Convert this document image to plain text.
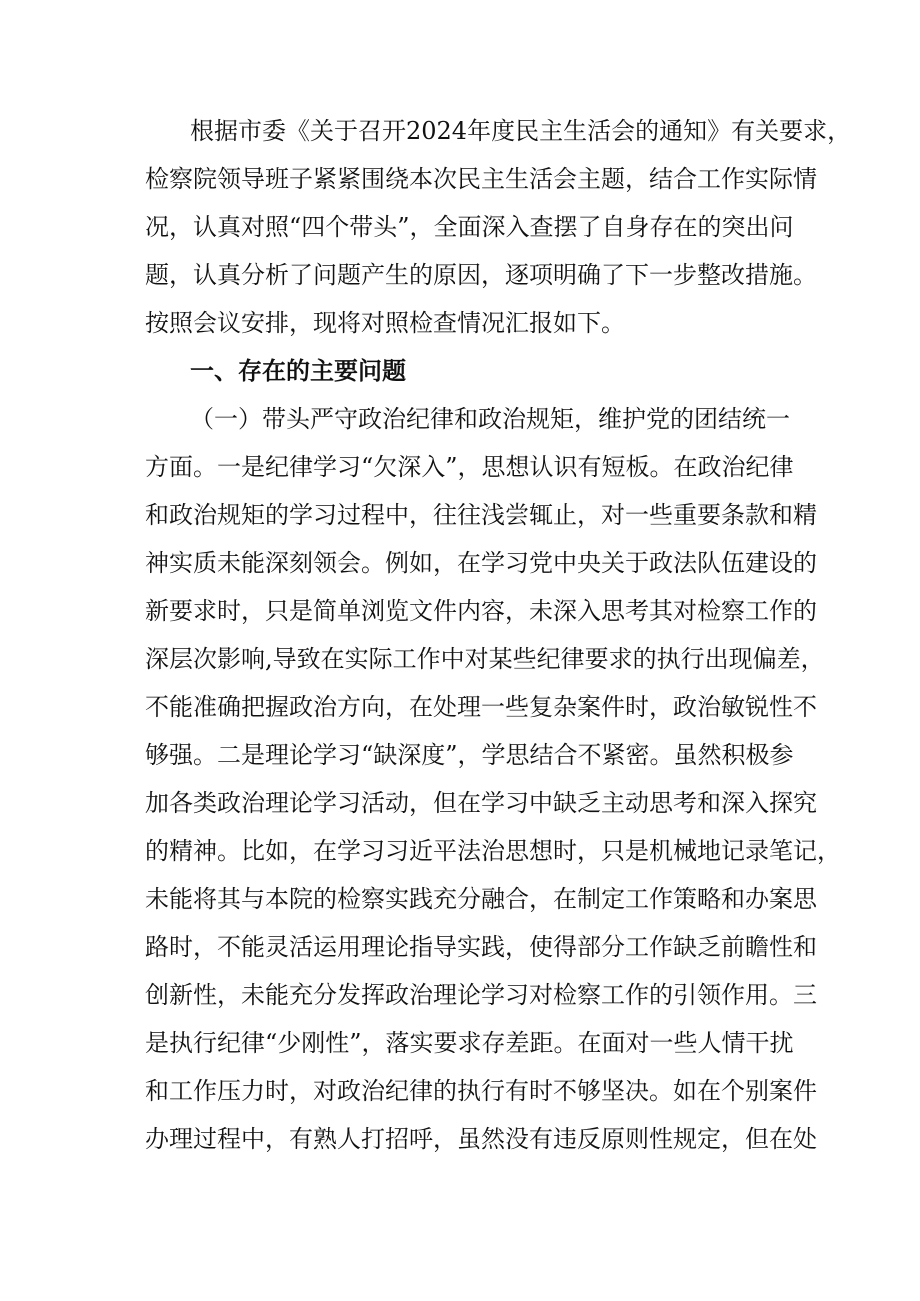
根据市委《关于召开2024年度民主生活会的通知》有关要求，
检察院领导班子紧紧围绕本次民主生活会主题，结合工作实际情
况，认真对照“四个带头”，全面深入查摆了自身存在的突出问
题，认真分析了问题产生的原因，逐项明确了下一步整改措施。
按照会议安排，现将对照检查情况汇报如下。
一、存在的主要问题
（一）带头严守政治纪律和政治规矩，维护党的团结统一
方面。一是纪律学习“欠深入”，思想认识有短板。在政治纪律
和政治规矩的学习过程中，往往浅尝辄止，对一些重要条款和精
神实质未能深刻领会。例如，在学习党中央关于政法队伍建设的
新要求时，只是简单浏览文件内容，未深入思考其对检察工作的
深层次影响,导致在实际工作中对某些纪律要求的执行出现偏差，
不能准确把握政治方向，在处理一些复杂案件时，政治敏锐性不
够强。二是理论学习“缺深度”，学思结合不紧密。虽然积极参
加各类政治理论学习活动，但在学习中缺乏主动思考和深入探究
的精神。比如，在学习习近平法治思想时，只是机械地记录笔记，
未能将其与本院的检察实践充分融合，在制定工作策略和办案思
路时，不能灵活运用理论指导实践，使得部分工作缺乏前瞻性和
创新性，未能充分发挥政治理论学习对检察工作的引领作用。三
是执行纪律“少刚性”，落实要求存差距。在面对一些人情干扰
和工作压力时，对政治纪律的执行有时不够坚决。如在个别案件
办理过程中，有熟人打招呼，虽然没有违反原则性规定，但在处
